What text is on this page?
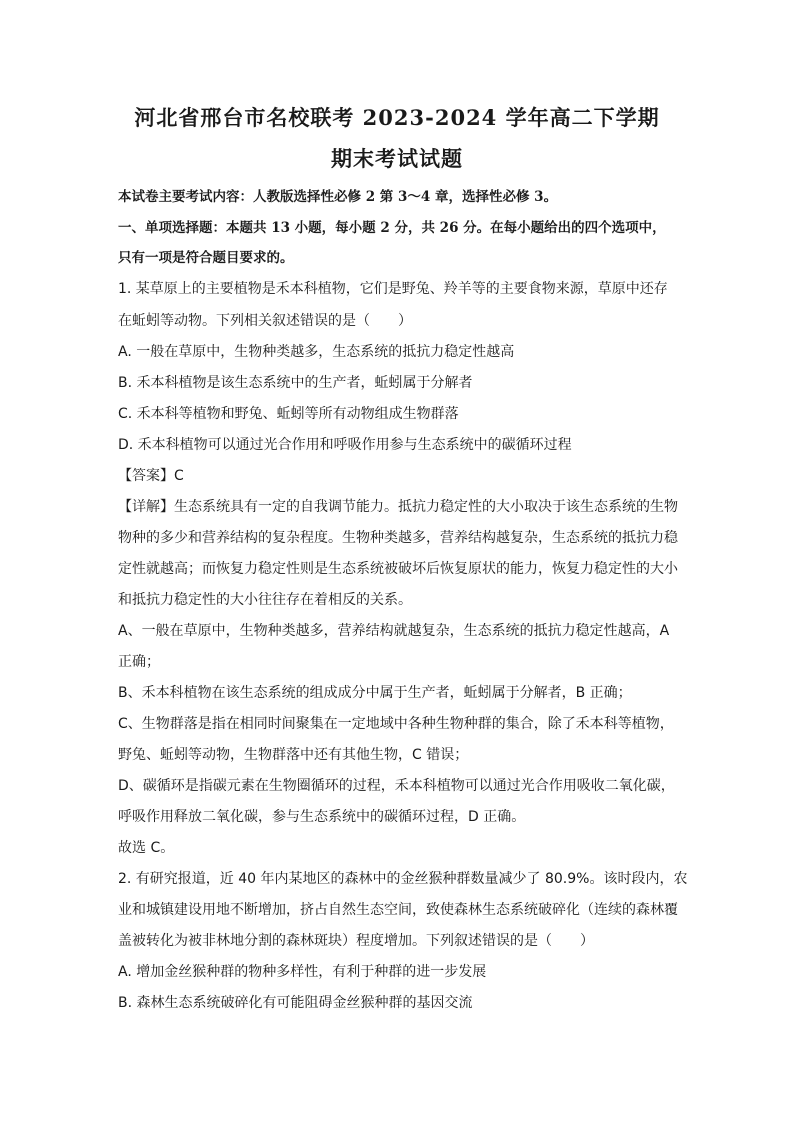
河北省邢台市名校联考 2023-2024 学年高二下学期
期末考试试题
本试卷主要考试内容：人教版选择性必修 2 第 3～4 章，选择性必修 3。
一、单项选择题：本题共 13 小题，每小题 2 分，共 26 分。在每小题给出的四个选项中，
只有一项是符合题目要求的。
1. 某草原上的主要植物是禾本科植物，它们是野兔、羚羊等的主要食物来源，草原中还存
在蚯蚓等动物。下列相关叙述错误的是（　　）
A. 一般在草原中，生物种类越多，生态系统的抵抗力稳定性越高
B. 禾本科植物是该生态系统中的生产者，蚯蚓属于分解者
C. 禾本科等植物和野兔、蚯蚓等所有动物组成生物群落
D. 禾本科植物可以通过光合作用和呼吸作用参与生态系统中的碳循环过程
【答案】C
【详解】生态系统具有一定的自我调节能力。抵抗力稳定性的大小取决于该生态系统的生物
物种的多少和营养结构的复杂程度。生物种类越多，营养结构越复杂，生态系统的抵抗力稳
定性就越高；而恢复力稳定性则是生态系统被破坏后恢复原状的能力，恢复力稳定性的大小
和抵抗力稳定性的大小往往存在着相反的关系。
A、一般在草原中，生物种类越多，营养结构就越复杂，生态系统的抵抗力稳定性越高，A
正确；
B、禾本科植物在该生态系统的组成成分中属于生产者，蚯蚓属于分解者，B 正确；
C、生物群落是指在相同时间聚集在一定地域中各种生物种群的集合，除了禾本科等植物，
野兔、蚯蚓等动物，生物群落中还有其他生物，C 错误；
D、碳循环是指碳元素在生物圈循环的过程，禾本科植物可以通过光合作用吸收二氧化碳，
呼吸作用释放二氧化碳，参与生态系统中的碳循环过程，D 正确。
故选 C。
2. 有研究报道，近 40 年内某地区的森林中的金丝猴种群数量减少了 80.9%。该时段内，农
业和城镇建设用地不断增加，挤占自然生态空间，致使森林生态系统破碎化（连续的森林覆
盖被转化为被非林地分割的森林斑块）程度增加。下列叙述错误的是（　　）
A. 增加金丝猴种群的物种多样性，有利于种群的进一步发展
B. 森林生态系统破碎化有可能阻碍金丝猴种群的基因交流
